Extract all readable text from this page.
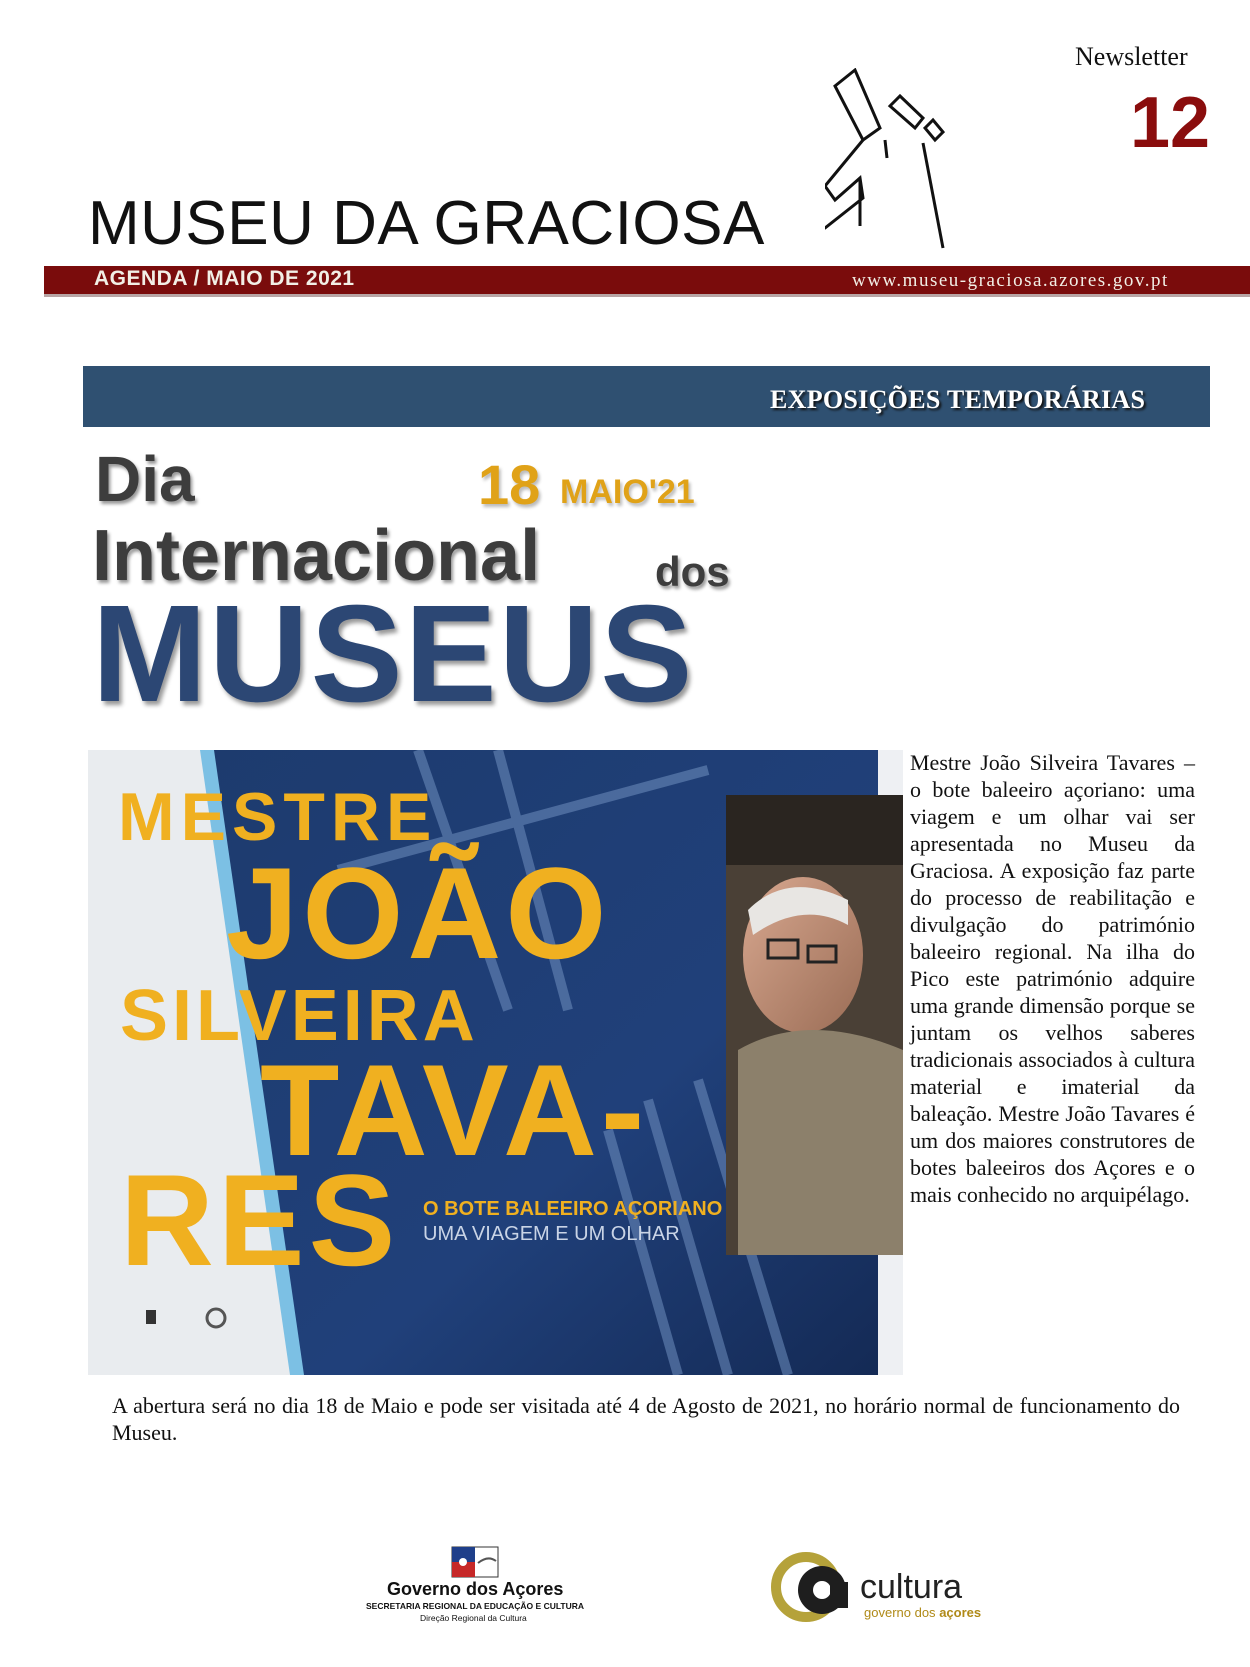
Newsletter
12
MUSEU DA GRACIOSA
AGENDA / MAIO DE 2021	www.museu-graciosa.azores.gov.pt
EXPOSIÇÕES TEMPORÁRIAS
Dia	18 MAIO'21
Internacional	dos
MUSEUS
MESTRE
JOÃO
SILVEIRA
TAVA-
RES O BOTE BALEEIRO AÇORIANO
UMA VIAGEM E UM OLHAR
Mestre João Silveira Tavares – o bote baleeiro açoriano: uma viagem e um olhar vai ser apresentada no Museu da Graciosa. A exposição faz parte do processo de reabilitação e divulgação do património baleeiro regional. Na ilha do Pico este património adquire uma grande dimensão porque se juntam os velhos saberes tradicionais associados à cultura material e imaterial da baleação. Mestre João Tavares é um dos maiores construtores de botes baleeiros dos Açores e o mais conhecido no arquipélago.
A abertura será no dia 18 de Maio e pode ser visitada até 4 de Agosto de 2021, no horário normal de funcionamento do Museu.
Governo dos Açores
SECRETARIA REGIONAL DA EDUCAÇÃO E CULTURA
Direção Regional da Cultura
cultura
governo dos açores
